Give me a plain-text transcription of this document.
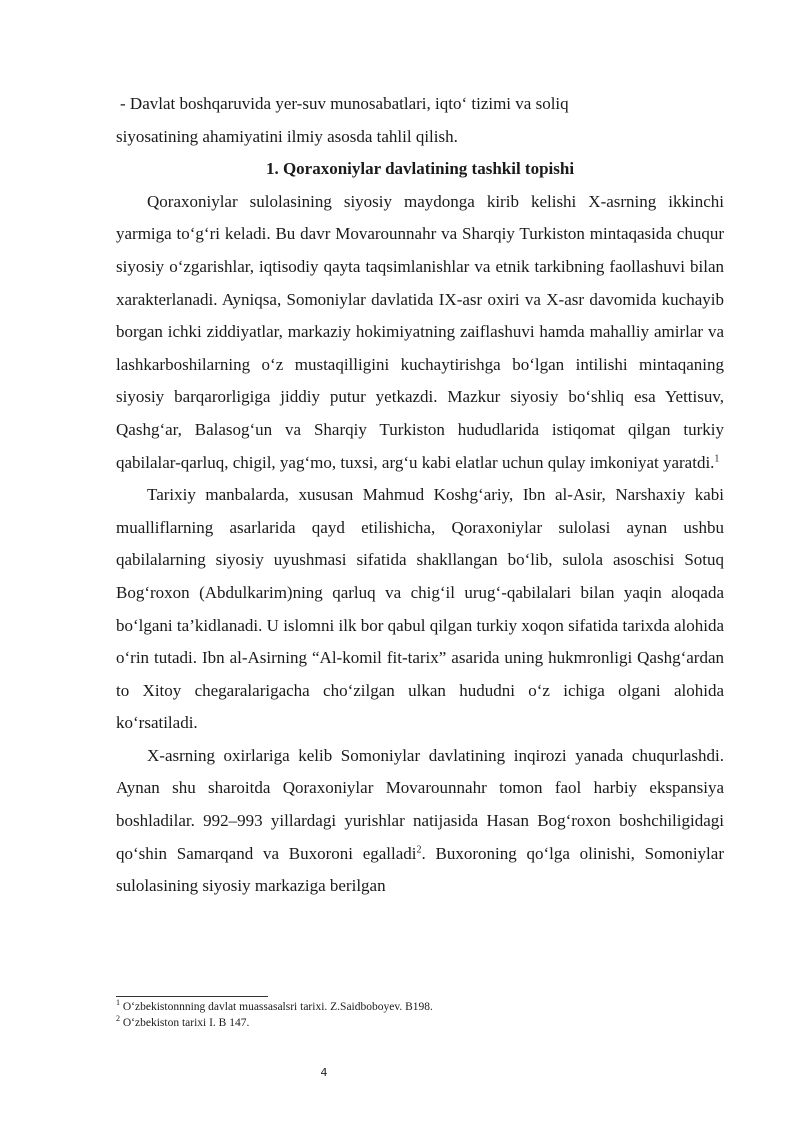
- Davlat boshqaruvida yer-suv munosabatlari, iqto‘ tizimi va soliq
siyosatining ahamiyatini ilmiy asosda tahlil qilish.
1. Qoraxoniylar davlatining tashkil topishi

Qoraxoniylar sulolasining siyosiy maydonga kirib kelishi X-asrning ikkinchi yarmiga to‘g‘ri keladi. Bu davr Movarounnahr va Sharqiy Turkiston mintaqasida chuqur siyosiy o‘zgarishlar, iqtisodiy qayta taqsimlanishlar va etnik tarkibning faollashuvi bilan xarakterlanadi. Ayniqsa, Somoniylar davlatida IX-asr oxiri va X-asr davomida kuchayib borgan ichki ziddiyatlar, markaziy hokimiyatning zaiflashuvi hamda mahalliy amirlar va lashkarboshilarning o‘z mustaqilligini kuchaytirishga bo‘lgan intilishi mintaqaning siyosiy barqarorligiga jiddiy putur yetkazdi. Mazkur siyosiy bo‘shliq esa Yettisuv, Qashg‘ar, Balasog‘un va Sharqiy Turkiston hududlarida istiqomat qilgan turkiy qabilalar-qarluq, chigil, yag‘mo, tuxsi, arg‘u kabi elatlar uchun qulay imkoniyat yaratdi.$^1$

Tarixiy manbalarda, xususan Mahmud Koshg‘ariy, Ibn al-Asir, Narshaxiy kabi mualliflarning asarlarida qayd etilishicha, Qoraxoniylar sulolasi aynan ushbu qabilalarning siyosiy uyushmasi sifatida shakllangan bo‘lib, sulola asoschisi Sotuq Bog‘roxon (Abdulkarim)ning qarluq va chig‘il urug‘-qabilalari bilan yaqin aloqada bo‘lgani ta’kidlanadi. U islomni ilk bor qabul qilgan turkiy xoqon sifatida tarixda alohida o‘rin tutadi. Ibn al-Asirning “Al-komil fit-tarix” asarida uning hukmronligi Qashg‘ardan to Xitoy chegaralarigacha cho‘zilgan ulkan hududni o‘z ichiga olgani alohida ko‘rsatiladi.

X-asrning oxirlariga kelib Somoniylar davlatining inqirozi yanada chuqurlashdi. Aynan shu sharoitda Qoraxoniylar Movarounnahr tomon faol harbiy ekspansiya boshladilar. 992–993 yillardagi yurishlar natijasida Hasan Bog‘roxon boshchiligidagi qo‘shin Samarqand va Buxoroni egalladi$^2$. Buxoroning qo‘lga olinishi, Somoniylar sulolasining siyosiy markaziga berilgan

$^1$ O‘zbekistonnning davlat muassasalsri tarixi. Z.Saidboboyev. B198.
$^2$ O‘zbekiston tarixi I. B 147.
4
